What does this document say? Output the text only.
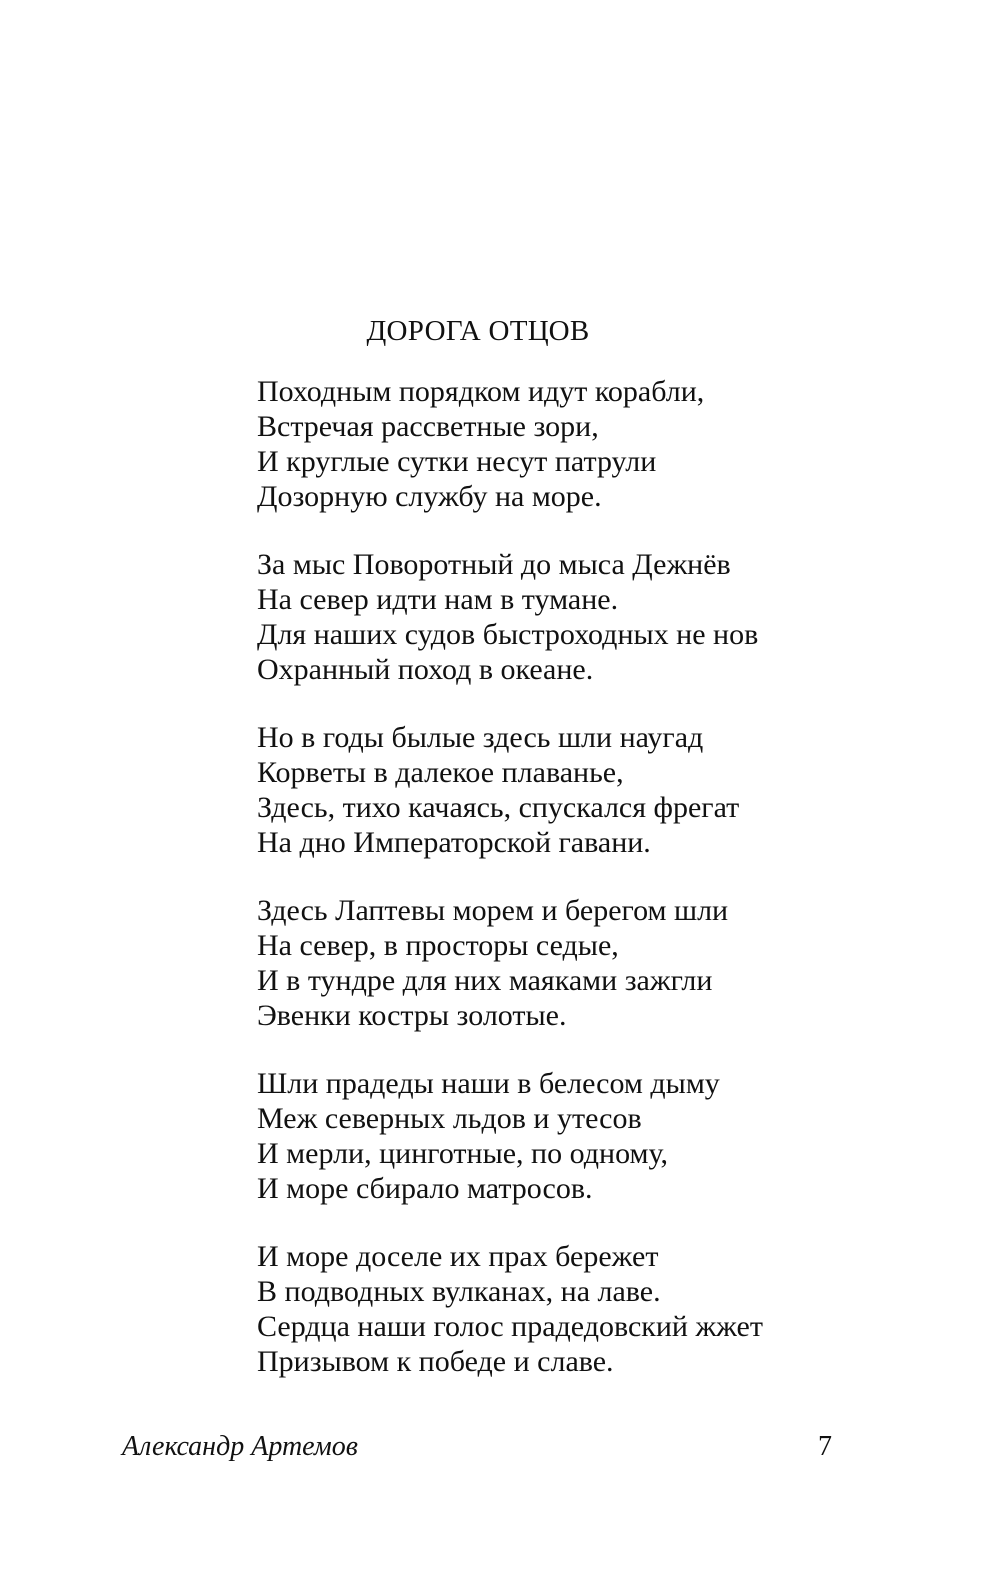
ДОРОГА ОТЦОВ
Походным порядком идут корабли,
Встречая рассветные зори,
И круглые сутки несут патрули
Дозорную службу на море.
За мыс Поворотный до мыса Дежнёв
На север идти нам в тумане.
Для наших судов быстроходных не нов
Охранный поход в океане.
Но в годы былые здесь шли наугад
Корветы в далекое плаванье,
Здесь, тихо качаясь, спускался фрегат
На дно Императорской гавани.
Здесь Лаптевы морем и берегом шли
На север, в просторы седые,
И в тундре для них маяками зажгли
Эвенки костры золотые.
Шли прадеды наши в белесом дыму
Меж северных льдов и утесов
И мерли, цинготные, по одному,
И море сбирало матросов.
И море доселе их прах бережет
В подводных вулканах, на лаве.
Сердца наши голос прадедовский жжет
Призывом к победе и славе.
Александр Артемов	7
